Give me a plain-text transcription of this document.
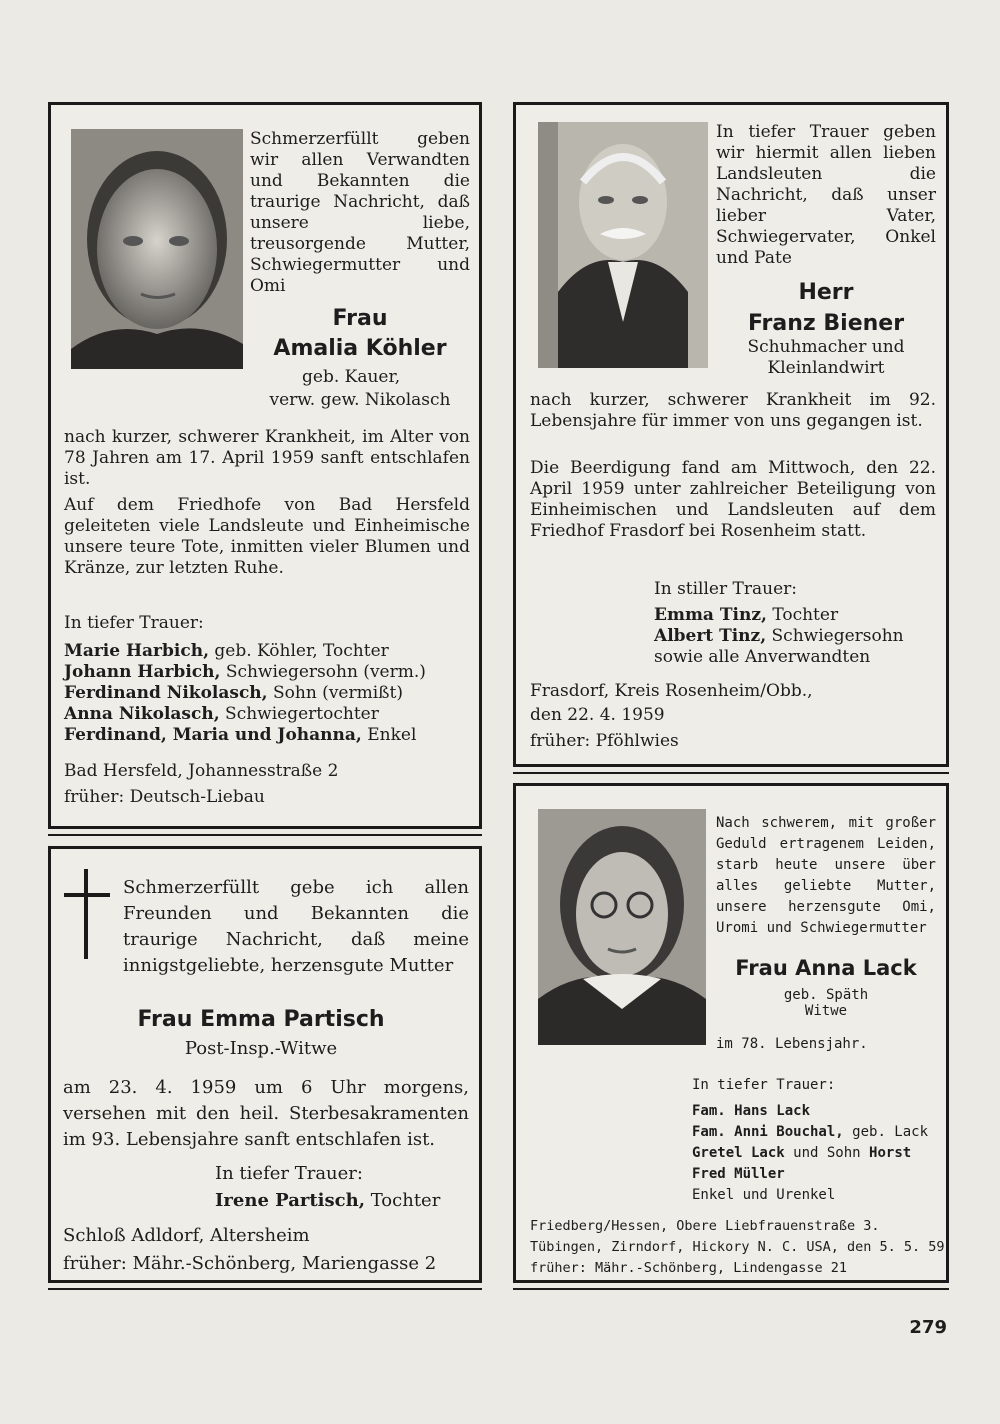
Schmerzerfüllt geben wir allen Verwandten und Bekannten die traurige Nachricht, daß unsere liebe, treusorgende Mutter, Schwiegermutter und Omi
Frau
Amalia Köhler
geb. Kauer,
verw. gew. Nikolasch
nach kurzer, schwerer Krankheit, im Alter von 78 Jahren am 17. April 1959 sanft entschlafen ist.
Auf dem Friedhofe von Bad Hersfeld geleiteten viele Landsleute und Einheimische unsere teure Tote, inmitten vieler Blumen und Kränze, zur letzten Ruhe.
In tiefer Trauer:

Marie Harbich, geb. Köhler, Tochter

Johann Harbich, Schwiegersohn (verm.)

Ferdinand Nikolasch, Sohn (vermißt)

Anna Nikolasch, Schwiegertochter

Ferdinand, Maria und Johanna, Enkel

Bad Hersfeld, Johannesstraße 2
früher: Deutsch-Liebau
In tiefer Trauer geben wir hiermit allen lieben Landsleuten die Nachricht, daß unser lieber Vater, Schwiegervater, Onkel und Pate
Herr
Franz Biener
Schuhmacher und Kleinlandwirt
nach kurzer, schwerer Krankheit im 92. Lebensjahre für immer von uns gegangen ist.
Die Beerdigung fand am Mittwoch, den 22. April 1959 unter zahlreicher Beteiligung von Einheimischen und Landsleuten auf dem Friedhof Frasdorf bei Rosenheim statt.
In stiller Trauer:

Emma Tinz, Tochter

Albert Tinz, Schwiegersohn

sowie alle Anverwandten

Frasdorf, Kreis Rosenheim/Obb.,
den 22. 4. 1959
früher: Pföhlwies
Schmerzerfüllt gebe ich allen Freunden und Bekannten die traurige Nachricht, daß meine innigstgeliebte, herzensgute Mutter
Frau Emma Partisch
Post-Insp.-Witwe
am 23. 4. 1959 um 6 Uhr morgens, versehen mit den heil. Sterbesakramenten im 93. Lebensjahre sanft entschlafen ist.
In tiefer Trauer:
Irene Partisch, Tochter
Schloß Adldorf, Altersheim
früher: Mähr.-Schönberg, Mariengasse 2
Nach schwerem, mit großer Geduld ertragenem Leiden, starb heute unsere über alles geliebte Mutter, unsere herzensgute Omi, Uromi und Schwiegermutter
Frau Anna Lack
geb. Späth
Witwe
im 78. Lebensjahr.
In tiefer Trauer:

Fam. Hans Lack

Fam. Anni Bouchal, geb. Lack

Gretel Lack und Sohn Horst

Fred Müller

Enkel und Urenkel

Friedberg/Hessen, Obere Liebfrauenstraße 3.

Tübingen, Zirndorf, Hickory N. C. USA, den 5. 5. 59

früher: Mähr.-Schönberg, Lindengasse 21

279
